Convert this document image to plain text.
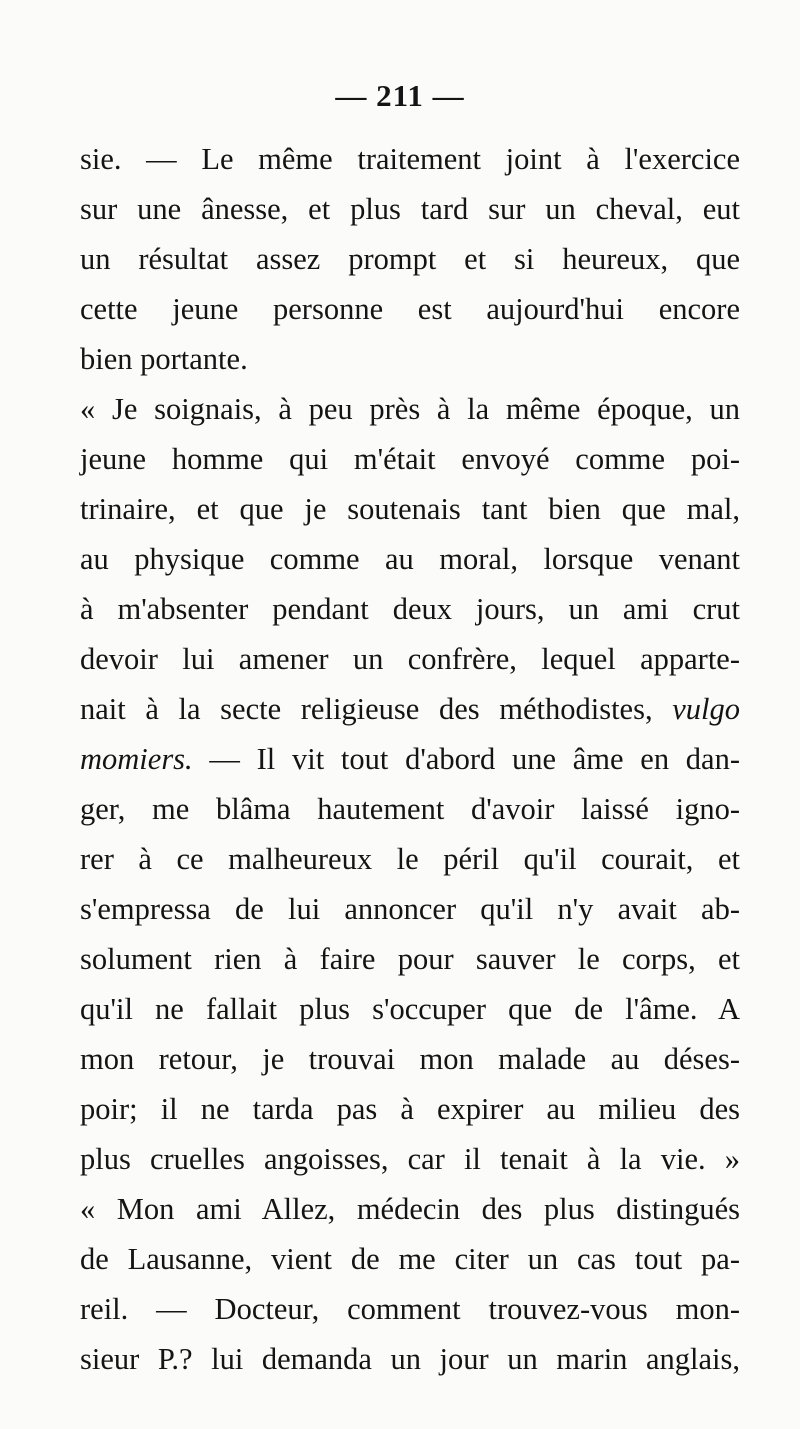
— 211 —
sie. — Le même traitement joint à l'exercice
sur une ânesse, et plus tard sur un cheval, eut
un résultat assez prompt et si heureux, que
cette jeune personne est aujourd'hui encore
bien portante.
« Je soignais, à peu près à la même époque, un
jeune homme qui m'était envoyé comme poi-
trinaire, et que je soutenais tant bien que mal,
au physique comme au moral, lorsque venant
à m'absenter pendant deux jours, un ami crut
devoir lui amener un confrère, lequel apparte-
nait à la secte religieuse des méthodistes, vulgo
momiers. — Il vit tout d'abord une âme en dan-
ger, me blâma hautement d'avoir laissé igno-
rer à ce malheureux le péril qu'il courait, et
s'empressa de lui annoncer qu'il n'y avait ab-
solument rien à faire pour sauver le corps, et
qu'il ne fallait plus s'occuper que de l'âme. A
mon retour, je trouvai mon malade au déses-
poir; il ne tarda pas à expirer au milieu des
plus cruelles angoisses, car il tenait à la vie. »
« Mon ami Allez, médecin des plus distingués
de Lausanne, vient de me citer un cas tout pa-
reil. — Docteur, comment trouvez-vous mon-
sieur P.? lui demanda un jour un marin anglais,
